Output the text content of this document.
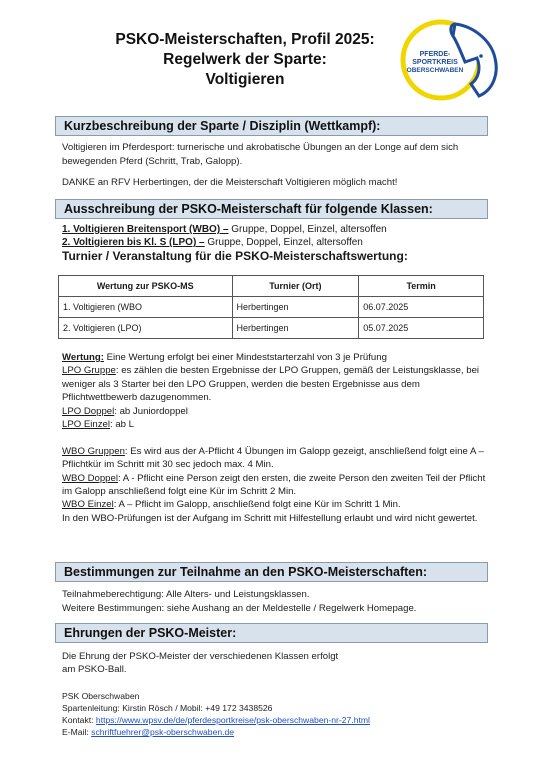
PSKO-Meisterschaften, Profil 2025:
Regelwerk der Sparte:
Voltigieren
PFERDE-
SPORTKREIS
OBERSCHWABEN
Kurzbeschreibung der Sparte / Disziplin (Wettkampf):
Voltigieren im Pferdesport: turnerische und akrobatische Übungen an der Longe auf dem sich bewegenden Pferd (Schritt, Trab, Galopp).
DANKE an RFV Herbertingen, der die Meisterschaft Voltigieren möglich macht!
Ausschreibung der PSKO-Meisterschaft für folgende Klassen:
1. Voltigieren Breitensport (WBO) – Gruppe, Doppel, Einzel, altersoffen
2. Voltigieren bis Kl. S (LPO) – Gruppe, Doppel, Einzel, altersoffen
Turnier / Veranstaltung für die PSKO-Meisterschaftswertung:
Wertung zur PSKO-MS	Turnier (Ort)	Termin
1. Voltigieren (WBO	Herbertingen	06.07.2025
2. Voltigieren (LPO)	Herbertingen	05.07.2025
Wertung: Eine Wertung erfolgt bei einer Mindeststarterzahl von 3 je Prüfung
LPO Gruppe: es zählen die besten Ergebnisse der LPO Gruppen, gemäß der Leistungsklasse, bei weniger als 3 Starter bei den LPO Gruppen, werden die besten Ergebnisse aus dem Pflichtwettbewerb dazugenommen.
LPO Doppel: ab Juniordoppel
LPO Einzel: ab L
WBO Gruppen: Es wird aus der A-Pflicht 4 Übungen im Galopp gezeigt, anschließend folgt eine A – Pflichtkür im Schritt mit 30 sec jedoch max. 4 Min.
WBO Doppel: A - Pflicht eine Person zeigt den ersten, die zweite Person den zweiten Teil der Pflicht im Galopp anschließend folgt eine Kür im Schritt 2 Min.
WBO Einzel: A – Pflicht im Galopp, anschließend folgt eine Kür im Schritt 1 Min.
In den WBO-Prüfungen ist der Aufgang im Schritt mit Hilfestellung erlaubt und wird nicht gewertet.
Bestimmungen zur Teilnahme an den PSKO-Meisterschaften:
Teilnahmeberechtigung: Alle Alters- und Leistungsklassen.
Weitere Bestimmungen: siehe Aushang an der Meldestelle / Regelwerk Homepage.
Ehrungen der PSKO-Meister:
Die Ehrung der PSKO-Meister der verschiedenen Klassen erfolgt
am PSKO-Ball.
PSK Oberschwaben
Spartenleitung: Kirstin Rösch / Mobil: +49 172 3438526
Kontakt: https://www.wpsv.de/de/pferdesportkreise/psk-oberschwaben-nr-27.html
E-Mail: schriftfuehrer@psk-oberschwaben.de
